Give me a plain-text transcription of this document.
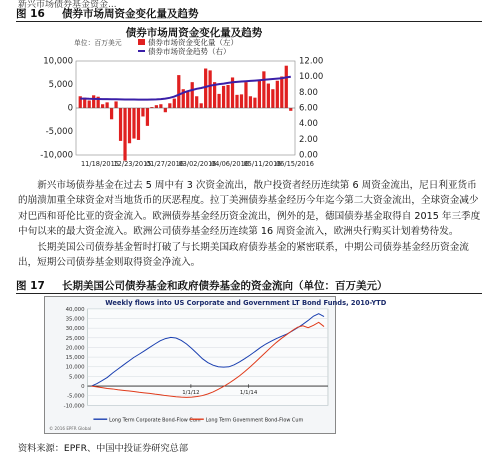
新兴市场债券基金资金...
图 16 债券市场周资金变化量及趋势
债券市场周资金变化量及趋势
单位：百万美元	债券市场资金变化量（左）
债券市场资金趋势（右）
10,000
5,000
0
-5,000
-10,000
12.00
10.00
8.00
6.00
4.00
2.00
0.00
11/18/2015
12/23/2015
01/27/2016
03/02/2016
04/06/2016
05/11/2016
06/15/2016

新兴市场债券基金在过去 5 周中有 3 次资金流出，散户投资者经历连续第 6 周资金流出，尼日利亚货币的崩溃加重全球资金对当地货币的厌恶程度。拉丁美洲债券基金经历今年迄今第二大资金流出，全球资金减少对巴西和哥伦比亚的资金流入。欧洲债券基金经历资金流出，例外的是，德国债券基金取得自 2015 年三季度中旬以来的最大资金流入。欧洲公司债券基金经历连续第 16 周资金流入，欧洲央行购买计划着势待发。

长期美国公司债券基金暂时打破了与长期美国政府债券基金的紧密联系，中期公司债券基金经历资金流出，短期公司债券基金则取得资金净流入。

图 17 长期美国公司债券基金和政府债券基金的资金流向（单位：百万美元）
Weekly flows into US Corporate and Government LT Bond Funds, 2010-YTD
40,000
35,000
30,000
25,000
20,000
15,000
10,000
5,000
0
-5,000
-10,000
1/1/12	1/1/14
Long Term Corporate Bond-Flow Cum Long Term Government Bond-Flow Cum
© 2016 EPFR Global
资料来源：EPFR、中国中投证券研究总部
